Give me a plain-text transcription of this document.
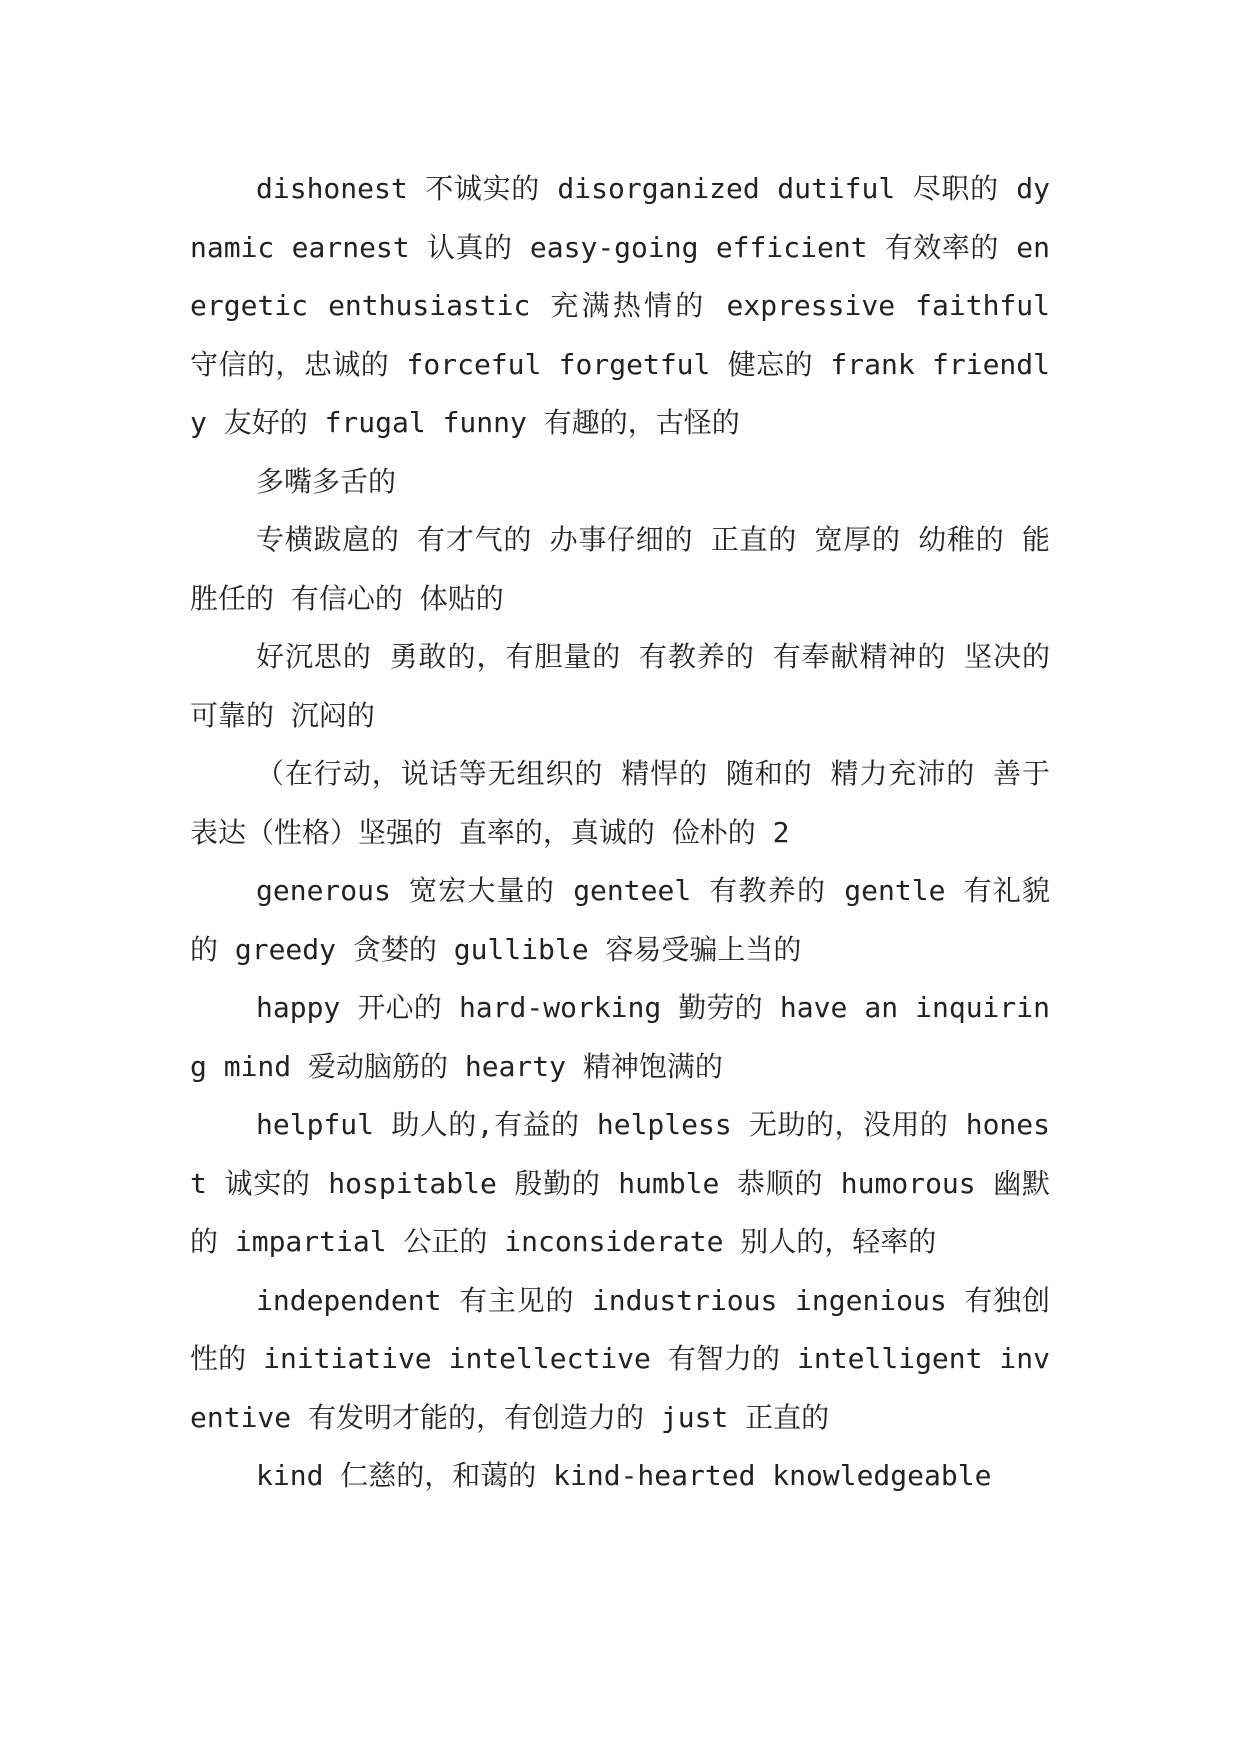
dishonest 不诚实的 disorganized dutiful 尽职的 dynamic earnest 认真的 easy-going efficient 有效率的 energetic enthusiastic 充满热情的 expressive faithful 守信的，忠诚的 forceful forgetful 健忘的 frank friendly 友好的 frugal funny 有趣的，古怪的

多嘴多舌的

专横跋扈的 有才气的 办事仔细的 正直的 宽厚的 幼稚的 能胜任的 有信心的 体贴的

好沉思的 勇敢的，有胆量的 有教养的 有奉献精神的 坚决的 可靠的 沉闷的

（在行动，说话等无组织的 精悍的 随和的 精力充沛的 善于表达（性格）坚强的 直率的，真诚的 俭朴的 2

generous 宽宏大量的 genteel 有教养的 gentle 有礼貌的 greedy 贪婪的 gullible 容易受骗上当的

happy 开心的 hard-working 勤劳的 have an inquiring mind 爱动脑筋的 hearty 精神饱满的

helpful 助人的,有益的 helpless 无助的，没用的 honest 诚实的 hospitable 殷勤的 humble 恭顺的 humorous 幽默的 impartial 公正的 inconsiderate 别人的，轻率的

independent 有主见的 industrious ingenious 有独创性的 initiative intellective 有智力的 intelligent inventive 有发明才能的，有创造力的 just 正直的

kind 仁慈的，和蔼的 kind-hearted knowledgeable
